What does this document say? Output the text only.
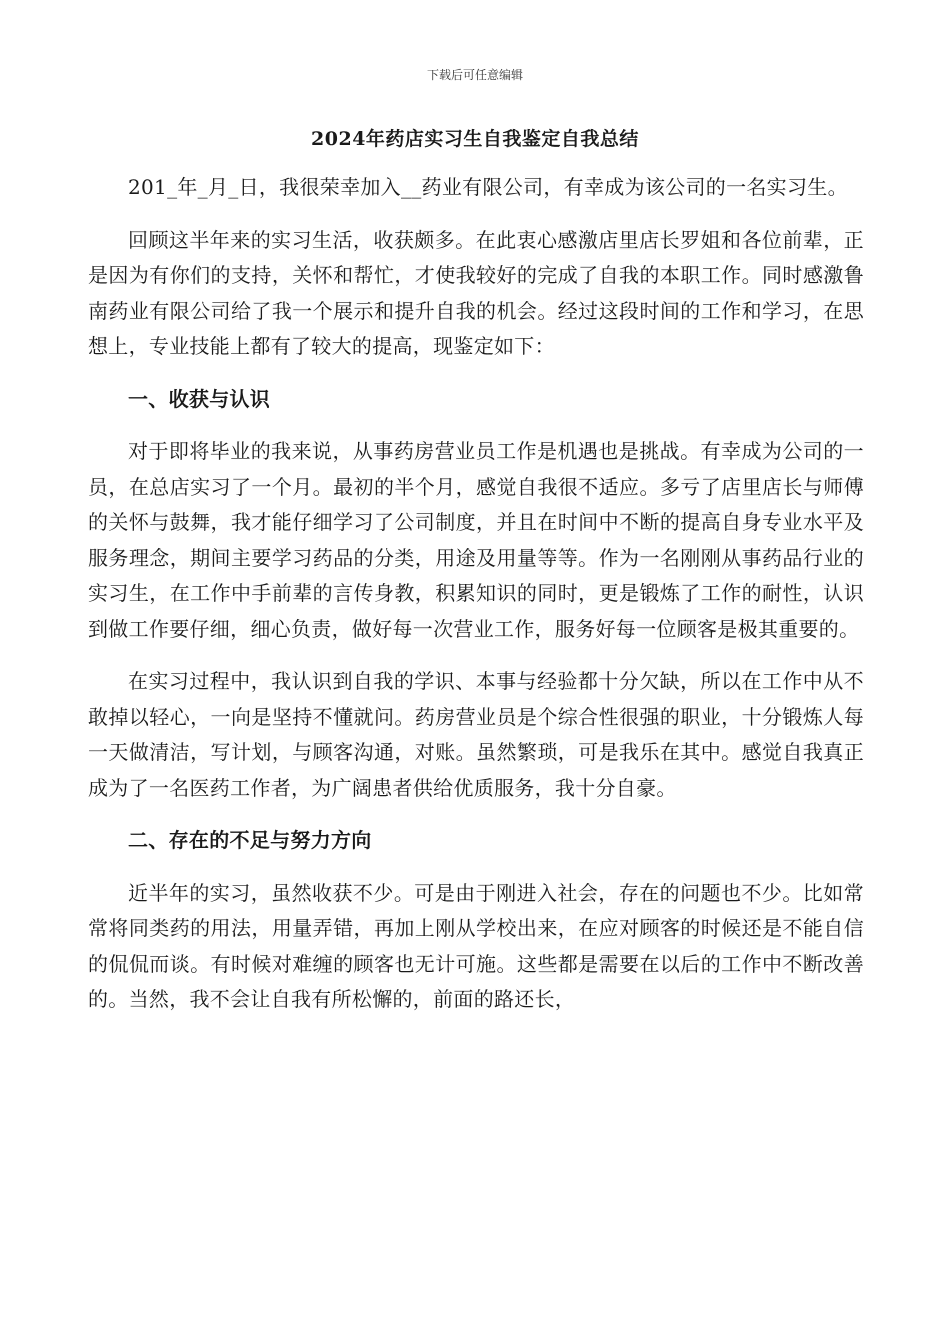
下载后可任意编辑
2024年药店实习生自我鉴定自我总结

201_年_月_日，我很荣幸加入__药业有限公司，有幸成为该公司的一名实习生。

回顾这半年来的实习生活，收获颇多。在此衷心感激店里店长罗姐和各位前辈，正是因为有你们的支持，关怀和帮忙，才使我较好的完成了自我的本职工作。同时感激鲁南药业有限公司给了我一个展示和提升自我的机会。经过这段时间的工作和学习，在思想上，专业技能上都有了较大的提高，现鉴定如下：

一、收获与认识

对于即将毕业的我来说，从事药房营业员工作是机遇也是挑战。有幸成为公司的一员，在总店实习了一个月。最初的半个月，感觉自我很不适应。多亏了店里店长与师傅的关怀与鼓舞，我才能仔细学习了公司制度，并且在时间中不断的提高自身专业水平及服务理念，期间主要学习药品的分类，用途及用量等等。作为一名刚刚从事药品行业的实习生，在工作中手前辈的言传身教，积累知识的同时，更是锻炼了工作的耐性，认识到做工作要仔细，细心负责，做好每一次营业工作，服务好每一位顾客是极其重要的。

在实习过程中，我认识到自我的学识、本事与经验都十分欠缺，所以在工作中从不敢掉以轻心，一向是坚持不懂就问。药房营业员是个综合性很强的职业，十分锻炼人每一天做清洁，写计划，与顾客沟通，对账。虽然繁琐，可是我乐在其中。感觉自我真正成为了一名医药工作者，为广阔患者供给优质服务，我十分自豪。

二、存在的不足与努力方向

近半年的实习，虽然收获不少。可是由于刚进入社会，存在的问题也不少。比如常常将同类药的用法，用量弄错，再加上刚从学校出来，在应对顾客的时候还是不能自信的侃侃而谈。有时候对难缠的顾客也无计可施。这些都是需要在以后的工作中不断改善的。当然，我不会让自我有所松懈的，前面的路还长，
